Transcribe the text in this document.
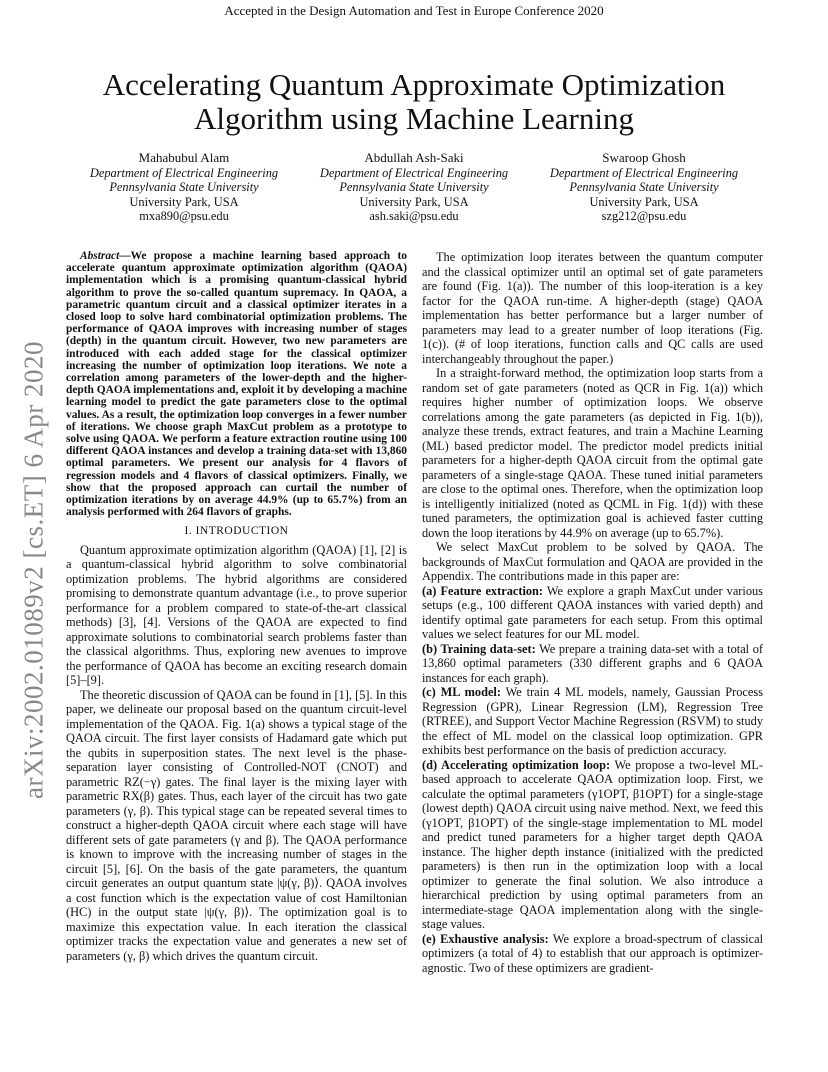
Accepted in the Design Automation and Test in Europe Conference 2020
arXiv:2002.01089v2 [cs.ET] 6 Apr 2020
Accelerating Quantum Approximate Optimization
Algorithm using Machine Learning
Mahabubul Alam
Department of Electrical Engineering
Pennsylvania State University
University Park, USA
mxa890@psu.edu
Abdullah Ash-Saki
Department of Electrical Engineering
Pennsylvania State University
University Park, USA
ash.saki@psu.edu
Swaroop Ghosh
Department of Electrical Engineering
Pennsylvania State University
University Park, USA
szg212@psu.edu

Abstract—We propose a machine learning based approach to accelerate quantum approximate optimization algorithm (QAOA) implementation which is a promising quantum-classical hybrid algorithm to prove the so-called quantum supremacy. In QAOA, a parametric quantum circuit and a classical optimizer iterates in a closed loop to solve hard combinatorial optimization problems. The performance of QAOA improves with increasing number of stages (depth) in the quantum circuit. However, two new parameters are introduced with each added stage for the classical optimizer increasing the number of optimization loop iterations. We note a correlation among parameters of the lower-depth and the higher-depth QAOA implementations and, exploit it by developing a machine learning model to predict the gate parameters close to the optimal values. As a result, the optimization loop converges in a fewer number of iterations. We choose graph MaxCut problem as a prototype to solve using QAOA. We perform a feature extraction routine using 100 different QAOA instances and develop a training data-set with 13,860 optimal parameters. We present our analysis for 4 flavors of regression models and 4 flavors of classical optimizers. Finally, we show that the proposed approach can curtail the number of optimization iterations by on average 44.9% (up to 65.7%) from an analysis performed with 264 flavors of graphs.

I. INTRODUCTION

Quantum approximate optimization algorithm (QAOA) [1], [2] is a quantum-classical hybrid algorithm to solve combinatorial optimization problems. The hybrid algorithms are considered promising to demonstrate quantum advantage (i.e., to prove superior performance for a problem compared to state-of-the-art classical methods) [3], [4]. Versions of the QAOA are expected to find approximate solutions to combinatorial search problems faster than the classical algorithms. Thus, exploring new avenues to improve the performance of QAOA has become an exciting research domain [5]–[9].

The theoretic discussion of QAOA can be found in [1], [5]. In this paper, we delineate our proposal based on the quantum circuit-level implementation of the QAOA. Fig. 1(a) shows a typical stage of the QAOA circuit. The first layer consists of Hadamard gate which put the qubits in superposition states. The next level is the phase-separation layer consisting of Controlled-NOT (CNOT) and parametric RZ(−γ) gates. The final layer is the mixing layer with parametric RX(β) gates. Thus, each layer of the circuit has two gate parameters (γ, β). This typical stage can be repeated several times to construct a higher-depth QAOA circuit where each stage will have different sets of gate parameters (γ and β). The QAOA performance is known to improve with the increasing number of stages in the circuit [5], [6]. On the basis of the gate parameters, the quantum circuit generates an output quantum state |ψ(γ, β)⟩. QAOA involves a cost function which is the expectation value of cost Hamiltonian (HC) in the output state |ψ(γ, β)⟩. The optimization goal is to maximize this expectation value. In each iteration the classical optimizer tracks the expectation value and generates a new set of parameters (γ, β) which drives the quantum circuit.

The optimization loop iterates between the quantum computer and the classical optimizer until an optimal set of gate parameters are found (Fig. 1(a)). The number of this loop-iteration is a key factor for the QAOA run-time. A higher-depth (stage) QAOA implementation has better performance but a larger number of parameters may lead to a greater number of loop iterations (Fig. 1(c)). (# of loop iterations, function calls and QC calls are used interchangeably throughout the paper.)

In a straight-forward method, the optimization loop starts from a random set of gate parameters (noted as QCR in Fig. 1(a)) which requires higher number of optimization loops. We observe correlations among the gate parameters (as depicted in Fig. 1(b)), analyze these trends, extract features, and train a Machine Learning (ML) based predictor model. The predictor model predicts initial parameters for a higher-depth QAOA circuit from the optimal gate parameters of a single-stage QAOA. These tuned initial parameters are close to the optimal ones. Therefore, when the optimization loop is intelligently initialized (noted as QCML in Fig. 1(d)) with these tuned parameters, the optimization goal is achieved faster cutting down the loop iterations by 44.9% on average (up to 65.7%).

We select MaxCut problem to be solved by QAOA. The backgrounds of MaxCut formulation and QAOA are provided in the Appendix. The contributions made in this paper are:

(a) Feature extraction: We explore a graph MaxCut under various setups (e.g., 100 different QAOA instances with varied depth) and identify optimal gate parameters for each setup. From this optimal values we select features for our ML model.

(b) Training data-set: We prepare a training data-set with a total of 13,860 optimal parameters (330 different graphs and 6 QAOA instances for each graph).

(c) ML model: We train 4 ML models, namely, Gaussian Process Regression (GPR), Linear Regression (LM), Regression Tree (RTREE), and Support Vector Machine Regression (RSVM) to study the effect of ML model on the classical loop optimization. GPR exhibits best performance on the basis of prediction accuracy.

(d) Accelerating optimization loop: We propose a two-level ML-based approach to accelerate QAOA optimization loop. First, we calculate the optimal parameters (γ1OPT, β1OPT) for a single-stage (lowest depth) QAOA circuit using naive method. Next, we feed this (γ1OPT, β1OPT) of the single-stage implementation to ML model and predict tuned parameters for a higher target depth QAOA instance. The higher depth instance (initialized with the predicted parameters) is then run in the optimization loop with a local optimizer to generate the final solution. We also introduce a hierarchical prediction by using optimal parameters from an intermediate-stage QAOA implementation along with the single-stage values.

(e) Exhaustive analysis: We explore a broad-spectrum of classical optimizers (a total of 4) to establish that our approach is optimizer-agnostic. Two of these optimizers are gradient-
